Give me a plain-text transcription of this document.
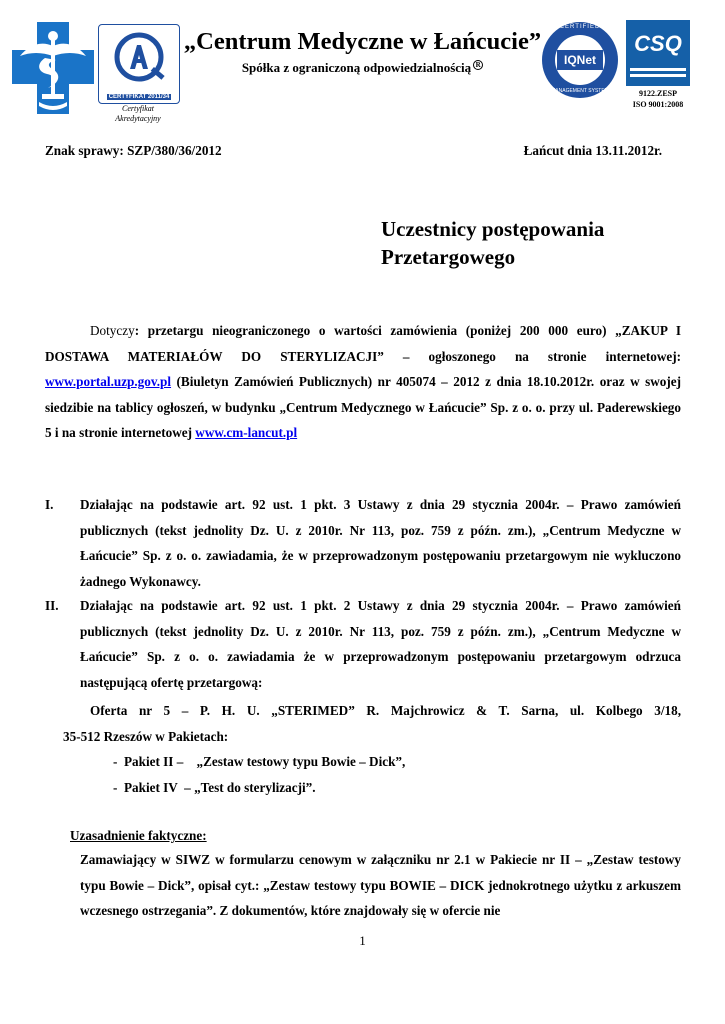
CERTYFIKAT 2011/34
Certyfikat
Akredytacyjny
„Centrum Medyczne w Łańcucie”
Spółka z ograniczoną odpowiedzialnością R	IQNet
CERTIFIED
MANAGEMENT SYSTEM
CSQ
9122.ZESP
ISO 9001:2008
Znak sprawy: SZP/380/36/2012	Łańcut dnia 13.11.2012r.
Uczestnicy postępowania
Przetargowego
Dotyczy: przetargu nieograniczonego o wartości zamówienia (poniżej 200 000 euro) „ZAKUP I DOSTAWA MATERIAŁÓW DO STERYLIZACJI” – ogłoszonego na stronie internetowej: www.portal.uzp.gov.pl (Biuletyn Zamówień Publicznych) nr 405074 – 2012 z dnia 18.10.2012r. oraz w swojej siedzibie na tablicy ogłoszeń, w budynku „Centrum Medycznego w Łańcucie” Sp. z o. o. przy ul. Paderewskiego 5 i na stronie internetowej www.cm-lancut.pl
I. Działając na podstawie art. 92 ust. 1 pkt. 3 Ustawy z dnia 29 stycznia 2004r. – Prawo zamówień publicznych (tekst jednolity Dz. U. z 2010r. Nr 113, poz. 759 z późn. zm.), „Centrum Medyczne w Łańcucie” Sp. z o. o. zawiadamia, że w przeprowadzonym postępowaniu przetargowym nie wykluczono żadnego Wykonawcy.
II. Działając na podstawie art. 92 ust. 1 pkt. 2 Ustawy z dnia 29 stycznia 2004r. – Prawo zamówień publicznych (tekst jednolity Dz. U. z 2010r. Nr 113, poz. 759 z późn. zm.), „Centrum Medyczne w Łańcucie” Sp. z o. o. zawiadamia że w przeprowadzonym postępowaniu przetargowym odrzuca następującą ofertę przetargową:
Oferta nr 5 – P. H. U. „STERIMED” R. Majchrowicz & T. Sarna, ul. Kolbego 3/18,
35-512 Rzeszów w Pakietach:
-  Pakiet II –    „Zestaw testowy typu Bowie – Dick”,
-  Pakiet IV  – „Test do sterylizacji”.
Uzasadnienie faktyczne:
Zamawiający w SIWZ w formularzu cenowym w załączniku nr 2.1 w Pakiecie nr II – „Zestaw testowy typu Bowie – Dick”, opisał cyt.: „Zestaw testowy typu BOWIE – DICK jednokrotnego użytku z arkuszem wczesnego ostrzegania”. Z dokumentów, które znajdowały się w ofercie nie
1
